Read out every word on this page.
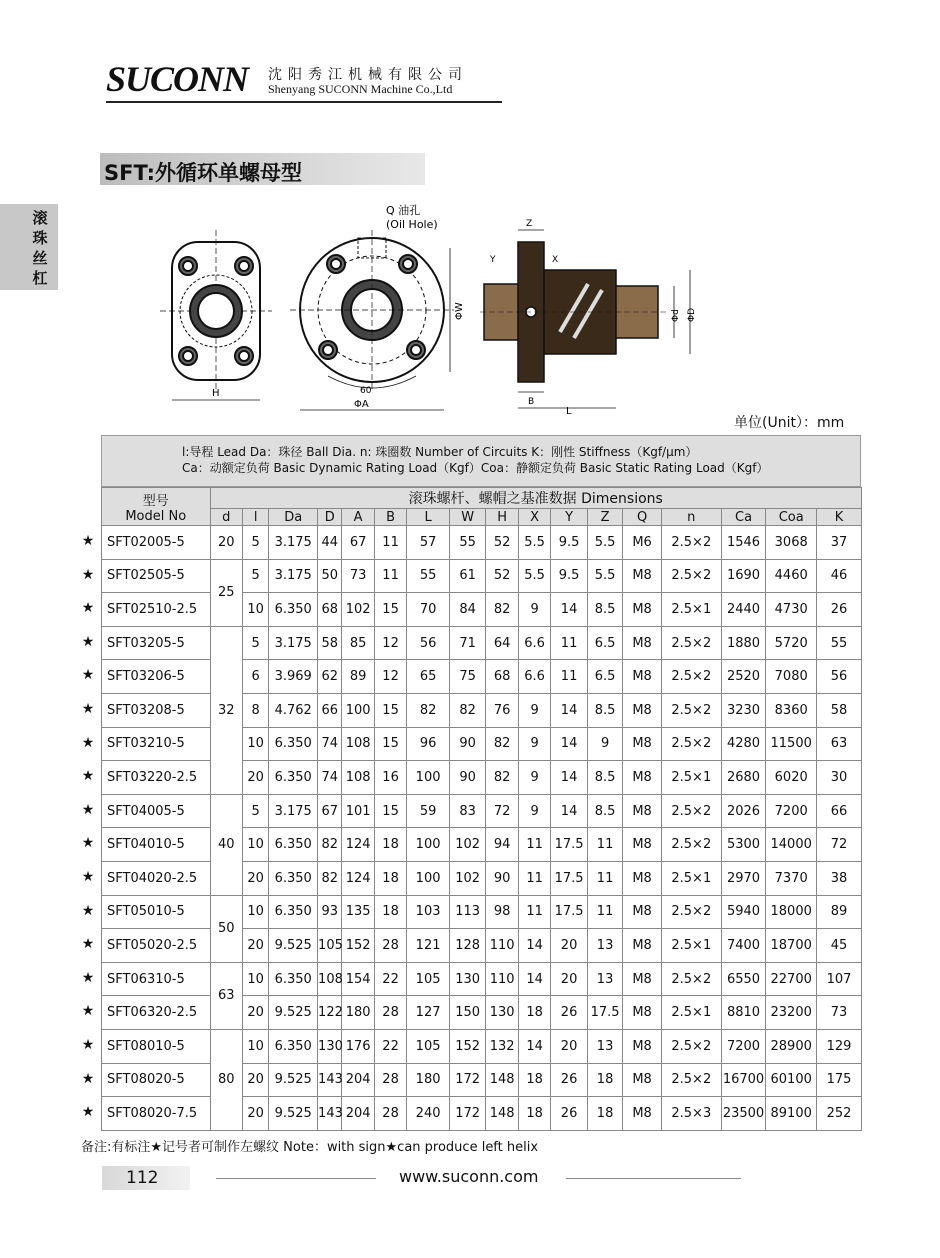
SUCONN 沈阳秀江机械有限公司
Shenyang SUCONN Machine Co.,Ltd
滚珠丝杠
SFT:外循环单螺母型
H
Q 油孔
(Oil Hole)
60
ΦA
ΦW
Z
Y	X
B
L
Φd ΦD
单位(Unit）：mm
l:导程 Lead Da：珠径 Ball Dia. n: 珠圈数 Number of Circuits K：刚性 Stiffness（Kgf/μm）
Ca：动额定负荷 Basic Dynamic Rating Load（Kgf）Coa：静额定负荷 Basic Static Rating Load（Kgf）
★
★
★
★
★
★
★
★
★
★
★
★
★
★
★
★
★
★
型号
Model No	滚珠螺杆、螺帽之基准数据 Dimensions																
	d	l	Da	D	A	B	L	W	H	X	Y	Z	Q	n	Ca	Coa	K
SFT02005-5	20	5	3.175	44	67	11	57	55	52	5.5	9.5	5.5	M6	2.5×2	1546	3068	37
SFT02505-5	25	5	3.175	50	73	11	55	61	52	5.5	9.5	5.5	M8	2.5×2	1690	4460	46
SFT02510-2.5		10	6.350	68	102	15	70	84	82	9	14	8.5	M8	2.5×1	2440	4730	26
SFT03205-5	32	5	3.175	58	85	12	56	71	64	6.6	11	6.5	M8	2.5×2	1880	5720	55
SFT03206-5		6	3.969	62	89	12	65	75	68	6.6	11	6.5	M8	2.5×2	2520	7080	56
SFT03208-5		8	4.762	66	100	15	82	82	76	9	14	8.5	M8	2.5×2	3230	8360	58
SFT03210-5		10	6.350	74	108	15	96	90	82	9	14	9	M8	2.5×2	4280	11500	63
SFT03220-2.5		20	6.350	74	108	16	100	90	82	9	14	8.5	M8	2.5×1	2680	6020	30
SFT04005-5	40	5	3.175	67	101	15	59	83	72	9	14	8.5	M8	2.5×2	2026	7200	66
SFT04010-5		10	6.350	82	124	18	100	102	94	11	17.5	11	M8	2.5×2	5300	14000	72
SFT04020-2.5		20	6.350	82	124	18	100	102	90	11	17.5	11	M8	2.5×1	2970	7370	38
SFT05010-5	50	10	6.350	93	135	18	103	113	98	11	17.5	11	M8	2.5×2	5940	18000	89
SFT05020-2.5		20	9.525	105	152	28	121	128	110	14	20	13	M8	2.5×1	7400	18700	45
SFT06310-5	63	10	6.350	108	154	22	105	130	110	14	20	13	M8	2.5×2	6550	22700	107
SFT06320-2.5		20	9.525	122	180	28	127	150	130	18	26	17.5	M8	2.5×1	8810	23200	73
SFT08010-5	80	10	6.350	130	176	22	105	152	132	14	20	13	M8	2.5×2	7200	28900	129
SFT08020-5		20	9.525	143	204	28	180	172	148	18	26	18	M8	2.5×2	16700	60100	175
SFT08020-7.5		20	9.525	143	204	28	240	172	148	18	26	18	M8	2.5×3	23500	89100	252
备注:有标注★记号者可制作左螺纹 Note：with sign★can produce left helix
112	www.suconn.com
